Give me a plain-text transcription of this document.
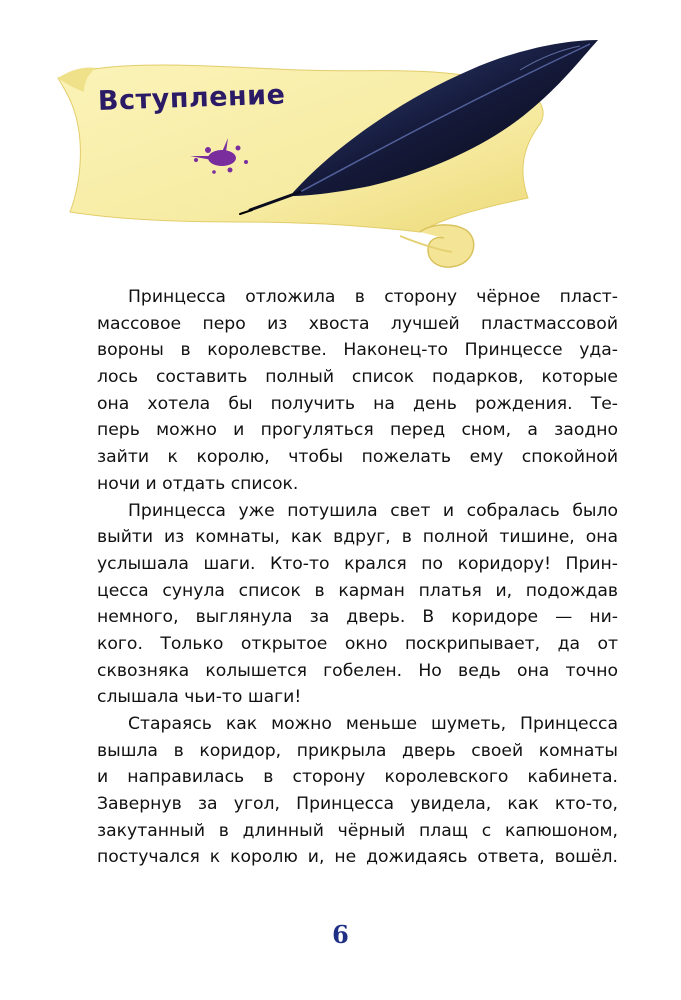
Вступление
Принцесса отложила в сторону чёрное пласт-
массовое перо из хвоста лучшей пластмассовой
вороны в королевстве. Наконец-то Принцессе уда-
лось составить полный список подарков, которые
она хотела бы получить на день рождения. Те-
перь можно и прогуляться перед сном, а заодно
зайти к королю, чтобы пожелать ему спокойной
ночи и отдать список.
Принцесса уже потушила свет и собралась было
выйти из комнаты, как вдруг, в полной тишине, она
услышала шаги. Кто-то крался по коридору! Прин-
цесса сунула список в карман платья и, подождав
немного, выглянула за дверь. В коридоре — ни-
кого. Только открытое окно поскрипывает, да от
сквозняка колышется гобелен. Но ведь она точно
слышала чьи-то шаги!
Стараясь как можно меньше шуметь, Принцесса
вышла в коридор, прикрыла дверь своей комнаты
и направилась в сторону королевского кабинета.
Завернув за угол, Принцесса увидела, как кто-то,
закутанный в длинный чёрный плащ с капюшоном,
постучался к королю и, не дожидаясь ответа, вошёл.
6
